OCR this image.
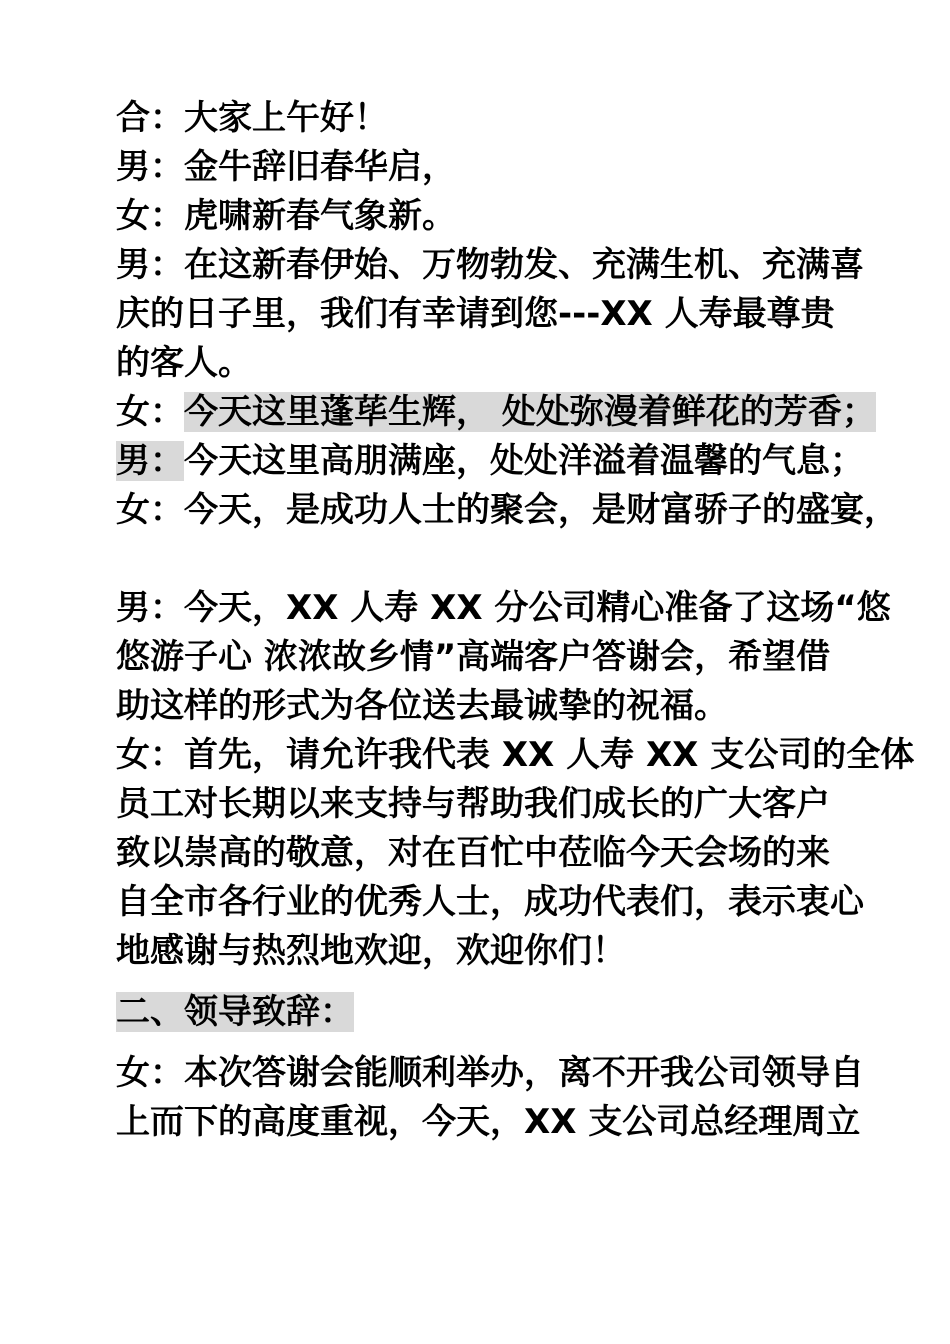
合：大家上午好！
男：金牛辞旧春华启，
女：虎啸新春气象新。
男：在这新春伊始、万物勃发、充满生机、充满喜
庆的日子里，我们有幸请到您---XX 人寿最尊贵
的客人。
女：今天这里蓬荜生辉， 处处弥漫着鲜花的芳香；
男：今天这里高朋满座，处处洋溢着温馨的气息；
女：今天，是成功人士的聚会，是财富骄子的盛宴，
男：今天，XX 人寿 XX 分公司精心准备了这场“悠
悠游子心 浓浓故乡情”高端客户答谢会，希望借
助这样的形式为各位送去最诚挚的祝福。
女：首先，请允许我代表 XX 人寿 XX 支公司的全体
员工对长期以来支持与帮助我们成长的广大客户
致以崇高的敬意，对在百忙中莅临今天会场的来
自全市各行业的优秀人士，成功代表们，表示衷心
地感谢与热烈地欢迎，欢迎你们！
二、领导致辞：
女：本次答谢会能顺利举办，离不开我公司领导自
上而下的高度重视，今天，XX 支公司总经理周立
